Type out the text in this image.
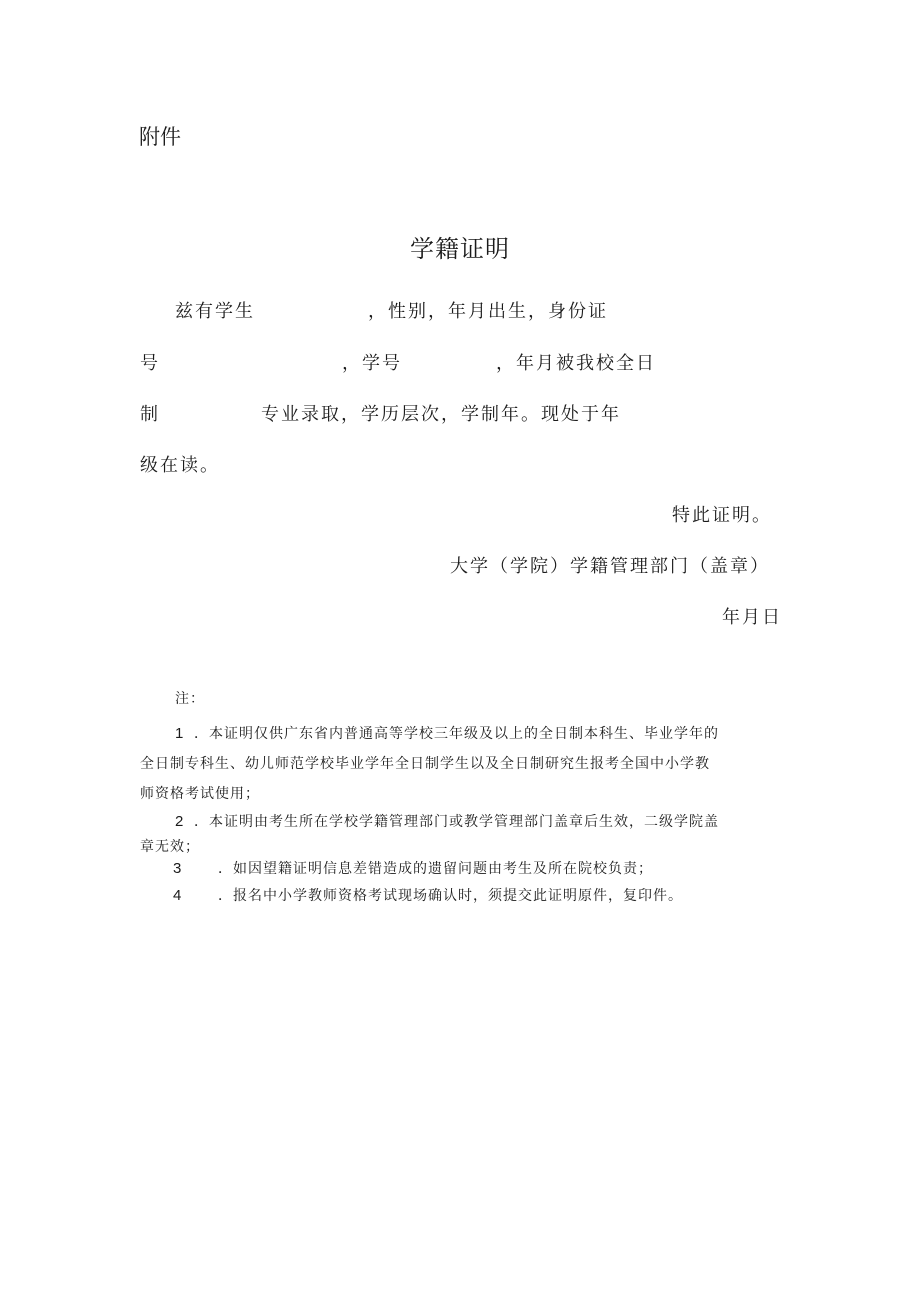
附件
学籍证明
兹有学生	，性别，年月出生，身份证
号	，学号	，年月被我校全日
制	专业录取，学历层次，学制年。现处于年
级在读。
特此证明。
大学（学院）学籍管理部门（盖章）
年月日
注：
1 ．本证明仅供广东省内普通高等学校三年级及以上的全日制本科生、毕业学年的
全日制专科生、幼儿师范学校毕业学年全日制学生以及全日制研究生报考全国中小学教
师资格考试使用；
2 ．本证明由考生所在学校学籍管理部门或教学管理部门盖章后生效，二级学院盖
章无效；
3	．如因望籍证明信息差错造成的遗留问题由考生及所在院校负责；
4	．报名中小学教师资格考试现场确认时，须提交此证明原件，复印件。
